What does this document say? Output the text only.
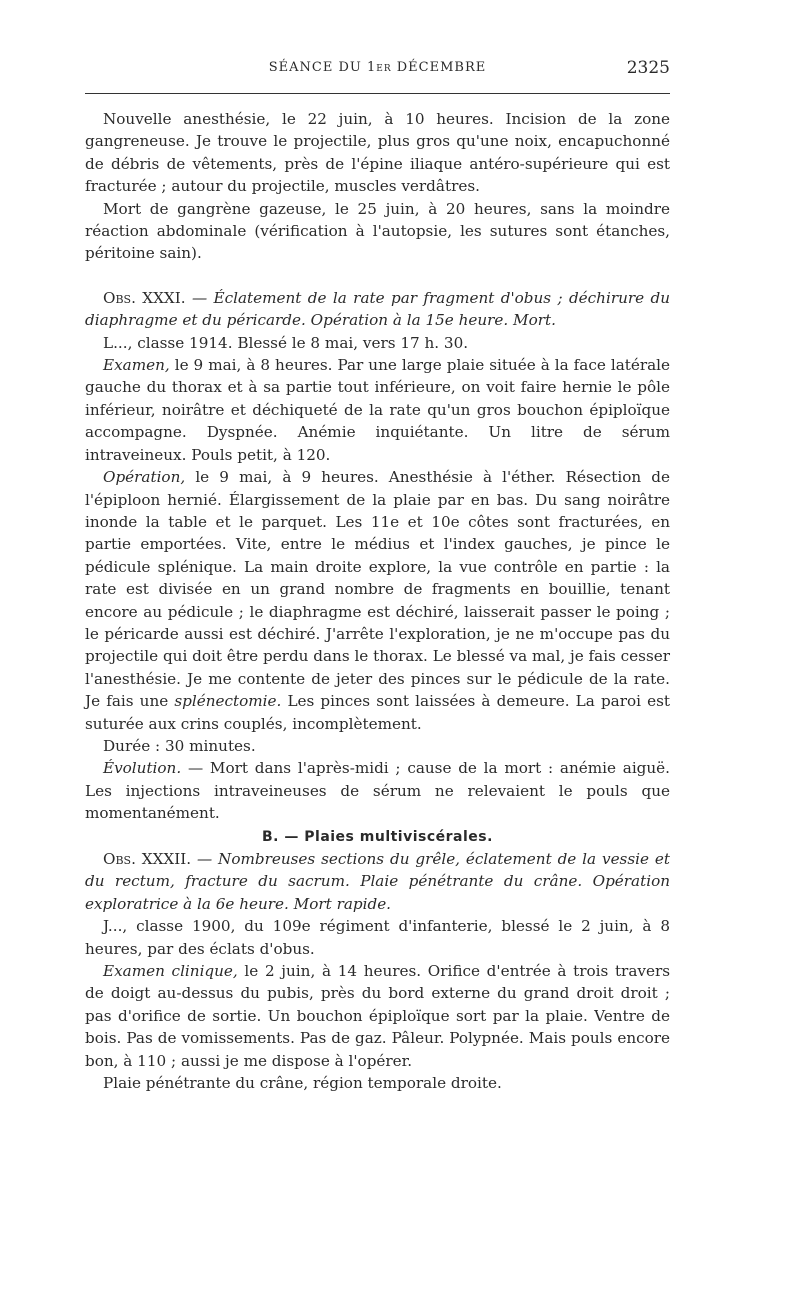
SÉANCE DU 1er DÉCEMBRE	2325

Nouvelle anesthésie, le 22 juin, à 10 heures. Incision de la zone gangreneuse. Je trouve le projectile, plus gros qu'une noix, encapuchonné de débris de vêtements, près de l'épine iliaque antéro-supérieure qui est fracturée ; autour du projectile, muscles verdâtres.

Mort de gangrène gazeuse, le 25 juin, à 20 heures, sans la moindre réaction abdominale (vérification à l'autopsie, les sutures sont étanches, péritoine sain).

Obs. XXXI. — Éclatement de la rate par fragment d'obus ; déchirure du diaphragme et du péricarde. Opération à la 15e heure. Mort.

L..., classe 1914. Blessé le 8 mai, vers 17 h. 30.

Examen, le 9 mai, à 8 heures. Par une large plaie située à la face latérale gauche du thorax et à sa partie tout inférieure, on voit faire hernie le pôle inférieur, noirâtre et déchiqueté de la rate qu'un gros bouchon épiploïque accompagne. Dyspnée. Anémie inquiétante. Un litre de sérum intraveineux. Pouls petit, à 120.

Opération, le 9 mai, à 9 heures. Anesthésie à l'éther. Résection de l'épiploon hernié. Élargissement de la plaie par en bas. Du sang noirâtre inonde la table et le parquet. Les 11e et 10e côtes sont fracturées, en partie emportées. Vite, entre le médius et l'index gauches, je pince le pédicule splénique. La main droite explore, la vue contrôle en partie : la rate est divisée en un grand nombre de fragments en bouillie, tenant encore au pédicule ; le diaphragme est déchiré, laisserait passer le poing ; le péricarde aussi est déchiré. J'arrête l'exploration, je ne m'occupe pas du projectile qui doit être perdu dans le thorax. Le blessé va mal, je fais cesser l'anesthésie. Je me contente de jeter des pinces sur le pédicule de la rate. Je fais une splénectomie. Les pinces sont laissées à demeure. La paroi est suturée aux crins couplés, incomplètement.

Durée : 30 minutes.

Évolution. — Mort dans l'après-midi ; cause de la mort : anémie aiguë. Les injections intraveineuses de sérum ne relevaient le pouls que momentanément.

B. — Plaies multiviscérales.

Obs. XXXII. — Nombreuses sections du grêle, éclatement de la vessie et du rectum, fracture du sacrum. Plaie pénétrante du crâne. Opération exploratrice à la 6e heure. Mort rapide.

J..., classe 1900, du 109e régiment d'infanterie, blessé le 2 juin, à 8 heures, par des éclats d'obus.

Examen clinique, le 2 juin, à 14 heures. Orifice d'entrée à trois travers de doigt au-dessus du pubis, près du bord externe du grand droit droit ; pas d'orifice de sortie. Un bouchon épiploïque sort par la plaie. Ventre de bois. Pas de vomissements. Pas de gaz. Pâleur. Polypnée. Mais pouls encore bon, à 110 ; aussi je me dispose à l'opérer.

Plaie pénétrante du crâne, région temporale droite.
